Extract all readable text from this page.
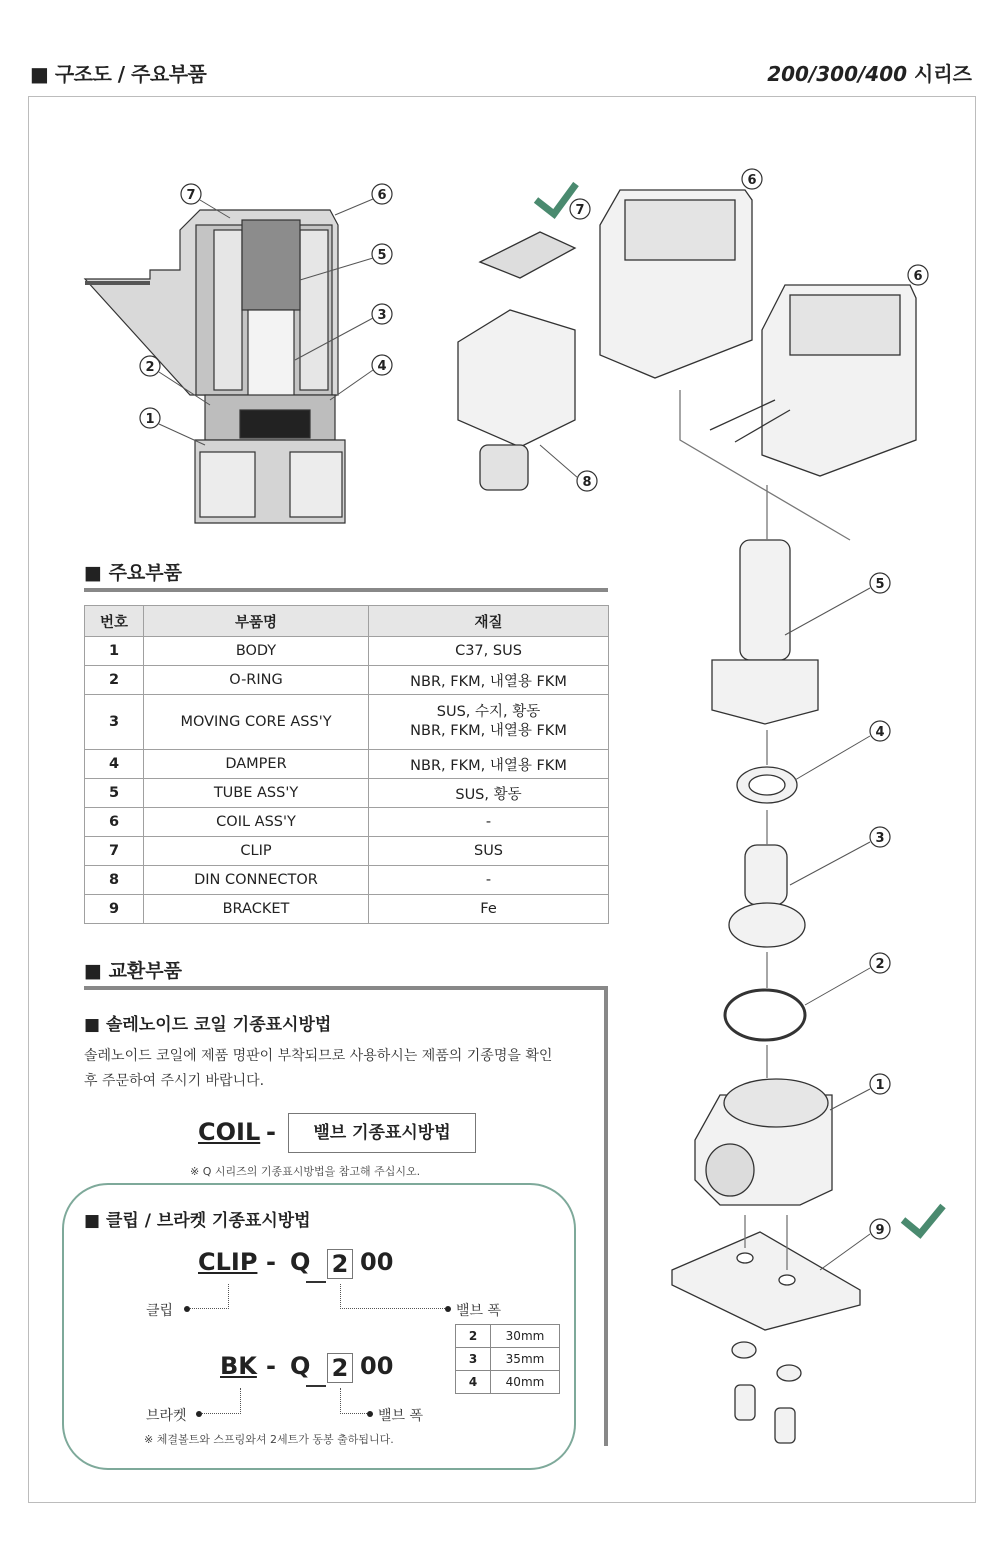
■ 구조도 / 주요부품	200/300/400 시리즈
7	6
5
3
4
2
1
7
6
6
8
5
4
3
2
1
9
■ 주요부품
번호	부품명	재질
1	BODY	C37, SUS
2	O-RING	NBR, FKM, 내열용 FKM
3	MOVING CORE ASS'Y	SUS, 수지, 황동
NBR, FKM, 내열용 FKM
4	DAMPER	NBR, FKM, 내열용 FKM
5	TUBE ASS'Y	SUS, 황동
6	COIL ASS'Y	-
7	CLIP	SUS
8	DIN CONNECTOR	-
9	BRACKET	Fe
■ 교환부품
■ 솔레노이드 코일 기종표시방법
솔레노이드 코일에 제품 명판이 부착되므로 사용하시는 제품의 기종명을 확인
후 주문하여 주시기 바랍니다.
COIL -	밸브 기종표시방법
※ Q 시리즈의 기종표시방법을 참고해 주십시오.
■ 클립 / 브라켓 기종표시방법
CLIP - Q 2 00
클립	밸브 폭
2	30mm
3	35mm
4	40mm
BK - Q 2 00
브라켓	밸브 폭
※ 체결볼트와 스프링와셔 2세트가 동봉 출하됩니다.
